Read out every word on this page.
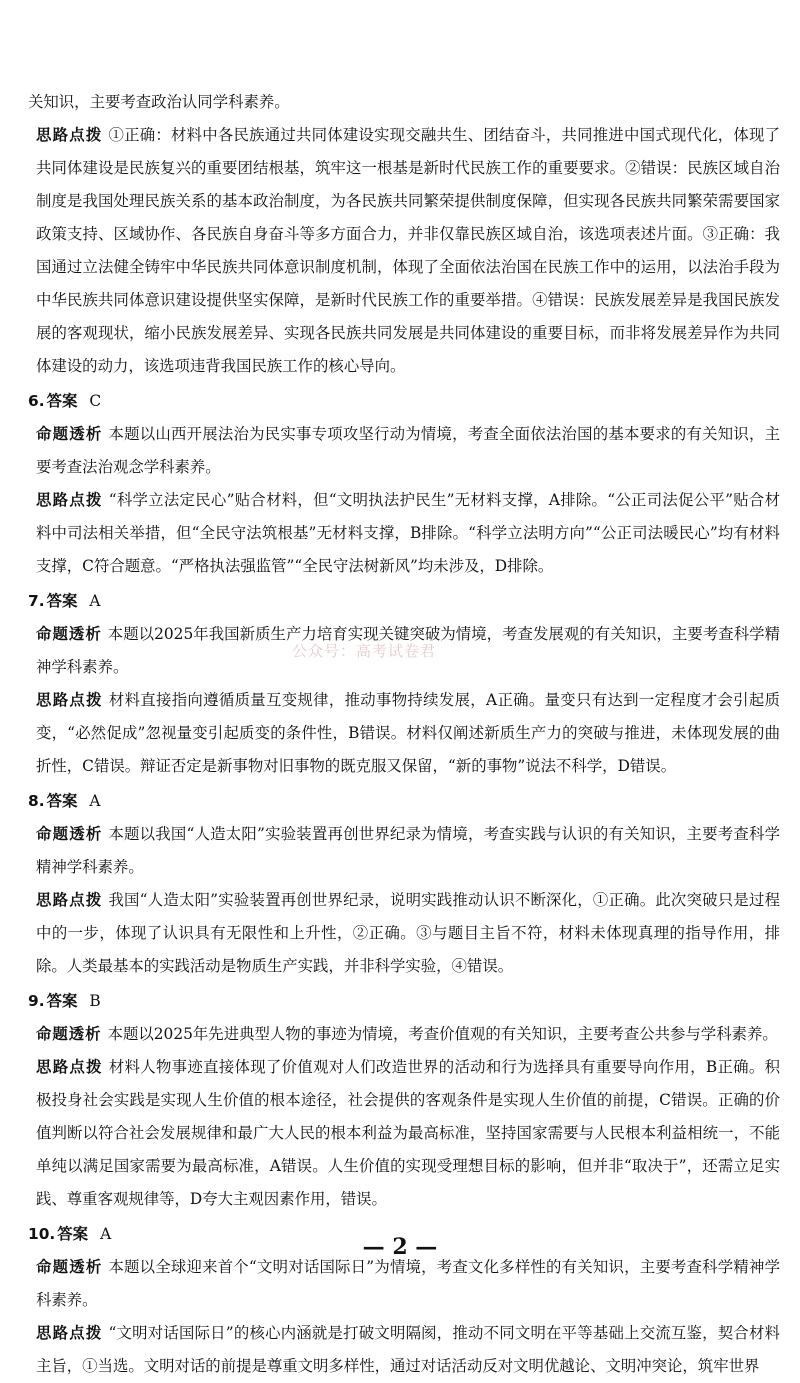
关知识，主要考查政治认同学科素养。

思路点拨 ①正确：材料中各民族通过共同体建设实现交融共生、团结奋斗，共同推进中国式现代化，体现了共同体建设是民族复兴的重要团结根基，筑牢这一根基是新时代民族工作的重要要求。②错误：民族区域自治制度是我国处理民族关系的基本政治制度，为各民族共同繁荣提供制度保障，但实现各民族共同繁荣需要国家政策支持、区域协作、各民族自身奋斗等多方面合力，并非仅靠民族区域自治，该选项表述片面。③正确：我国通过立法健全铸牢中华民族共同体意识制度机制，体现了全面依法治国在民族工作中的运用，以法治手段为中华民族共同体意识建设提供坚实保障，是新时代民族工作的重要举措。④错误：民族发展差异是我国民族发展的客观现状，缩小民族发展差异、实现各民族共同发展是共同体建设的重要目标，而非将发展差异作为共同体建设的动力，该选项违背我国民族工作的核心导向。

6. 答案 C

命题透析 本题以山西开展法治为民实事专项攻坚行动为情境，考查全面依法治国的基本要求的有关知识，主要考查法治观念学科素养。

思路点拨 “科学立法定民心”贴合材料，但“文明执法护民生”无材料支撑，A排除。“公正司法促公平”贴合材料中司法相关举措，但“全民守法筑根基”无材料支撑，B排除。“科学立法明方向”“公正司法暖民心”均有材料支撑，C符合题意。“严格执法强监管”“全民守法树新风”均未涉及，D排除。

7. 答案 A

命题透析 本题以2025年我国新质生产力培育实现关键突破为情境，考查发展观的有关知识，主要考查科学精神学科素养。

思路点拨 材料直接指向遵循质量互变规律，推动事物持续发展，A正确。量变只有达到一定程度才会引起质变，“必然促成”忽视量变引起质变的条件性，B错误。材料仅阐述新质生产力的突破与推进，未体现发展的曲折性，C错误。辩证否定是新事物对旧事物的既克服又保留，“新的事物”说法不科学，D错误。

8. 答案 A

命题透析 本题以我国“人造太阳”实验装置再创世界纪录为情境，考查实践与认识的有关知识，主要考查科学精神学科素养。

思路点拨 我国“人造太阳”实验装置再创世界纪录，说明实践推动认识不断深化，①正确。此次突破只是过程中的一步，体现了认识具有无限性和上升性，②正确。③与题目主旨不符，材料未体现真理的指导作用，排除。人类最基本的实践活动是物质生产实践，并非科学实验，④错误。

9. 答案 B

命题透析 本题以2025年先进典型人物的事迹为情境，考查价值观的有关知识，主要考查公共参与学科素养。

思路点拨 材料人物事迹直接体现了价值观对人们改造世界的活动和行为选择具有重要导向作用，B正确。积极投身社会实践是实现人生价值的根本途径，社会提供的客观条件是实现人生价值的前提，C错误。正确的价值判断以符合社会发展规律和最广大人民的根本利益为最高标准，坚持国家需要与人民根本利益相统一，不能单纯以满足国家需要为最高标准，A错误。人生价值的实现受理想目标的影响，但并非“取决于”，还需立足实践、尊重客观规律等，D夸大主观因素作用，错误。

10. 答案 A

命题透析 本题以全球迎来首个“文明对话国际日”为情境，考查文化多样性的有关知识，主要考查科学精神学科素养。

思路点拨 “文明对话国际日”的核心内涵就是打破文明隔阂，推动不同文明在平等基础上交流互鉴，契合材料主旨，①当选。文明对话的前提是尊重文明多样性，通过对话活动反对文明优越论、文明冲突论，筑牢世界

公众号：高考试卷君
— 2 —
